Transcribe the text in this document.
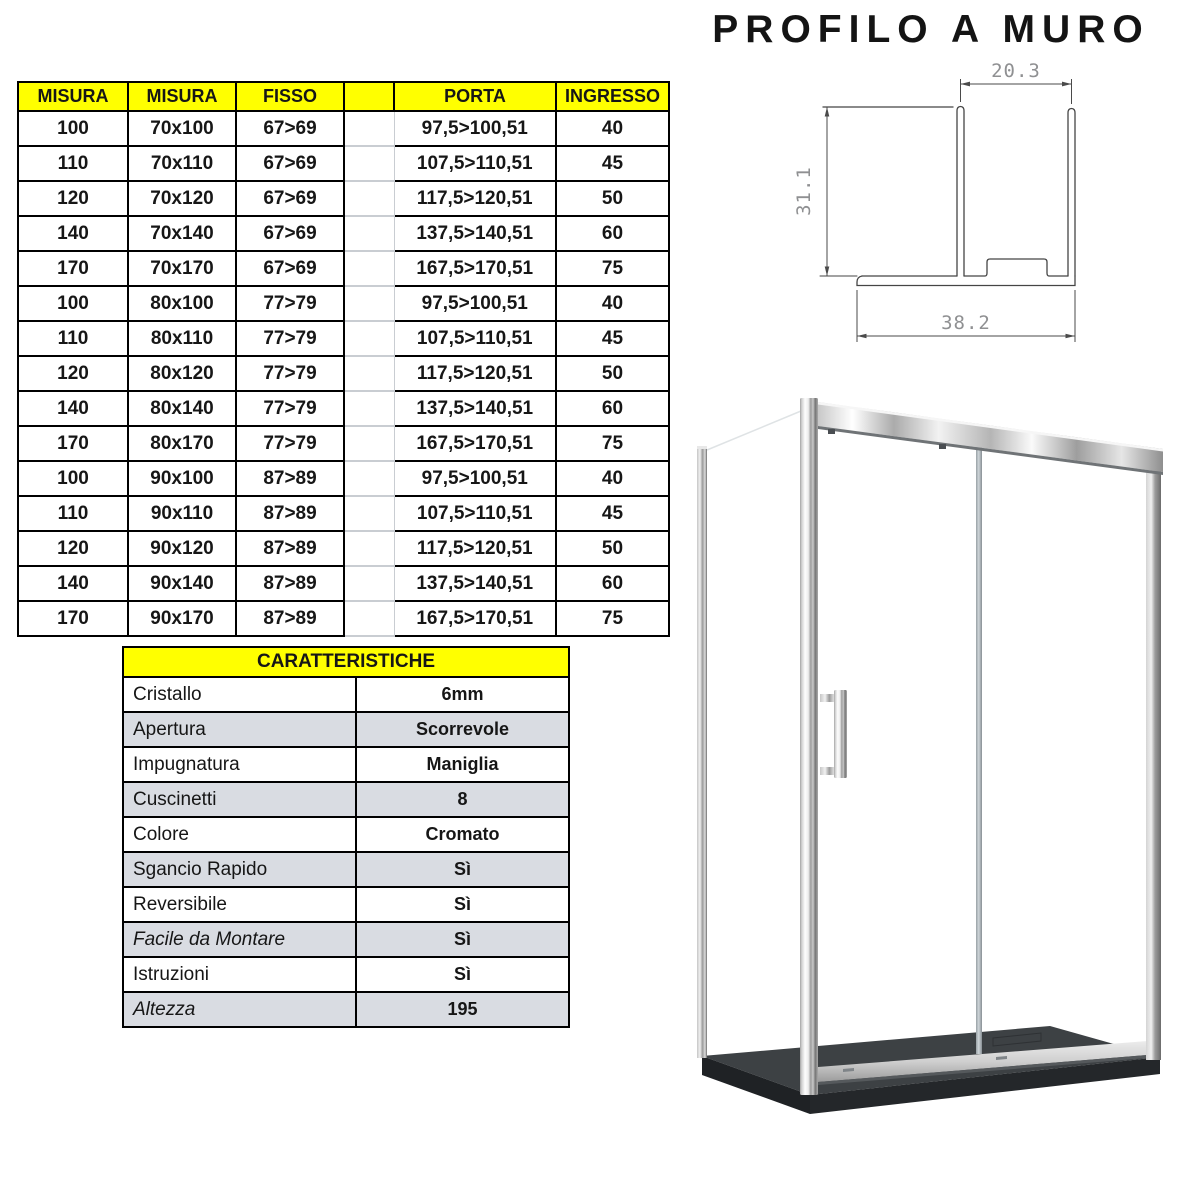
MISURA	MISURA	FISSO		PORTA	INGRESSO
100	70x100	67>69		97,5>100,51	40
110	70x110	67>69		107,5>110,51	45
120	70x120	67>69		117,5>120,51	50
140	70x140	67>69		137,5>140,51	60
170	70x170	67>69		167,5>170,51	75
100	80x100	77>79		97,5>100,51	40
110	80x110	77>79		107,5>110,51	45
120	80x120	77>79		117,5>120,51	50
140	80x140	77>79		137,5>140,51	60
170	80x170	77>79		167,5>170,51	75
100	90x100	87>89		97,5>100,51	40
110	90x110	87>89		107,5>110,51	45
120	90x120	87>89		117,5>120,51	50
140	90x140	87>89		137,5>140,51	60
170	90x170	87>89		167,5>170,51	75
CARATTERISTICHE	
Cristallo	6mm
Apertura	Scorrevole
Impugnatura	Maniglia
Cuscinetti	8
Colore	Cromato
Sgancio Rapido	Sì
Reversibile	Sì
Facile da Montare	Sì
Istruzioni	Sì
Altezza	195
PROFILO A MURO
20.3
31.1
38.2
